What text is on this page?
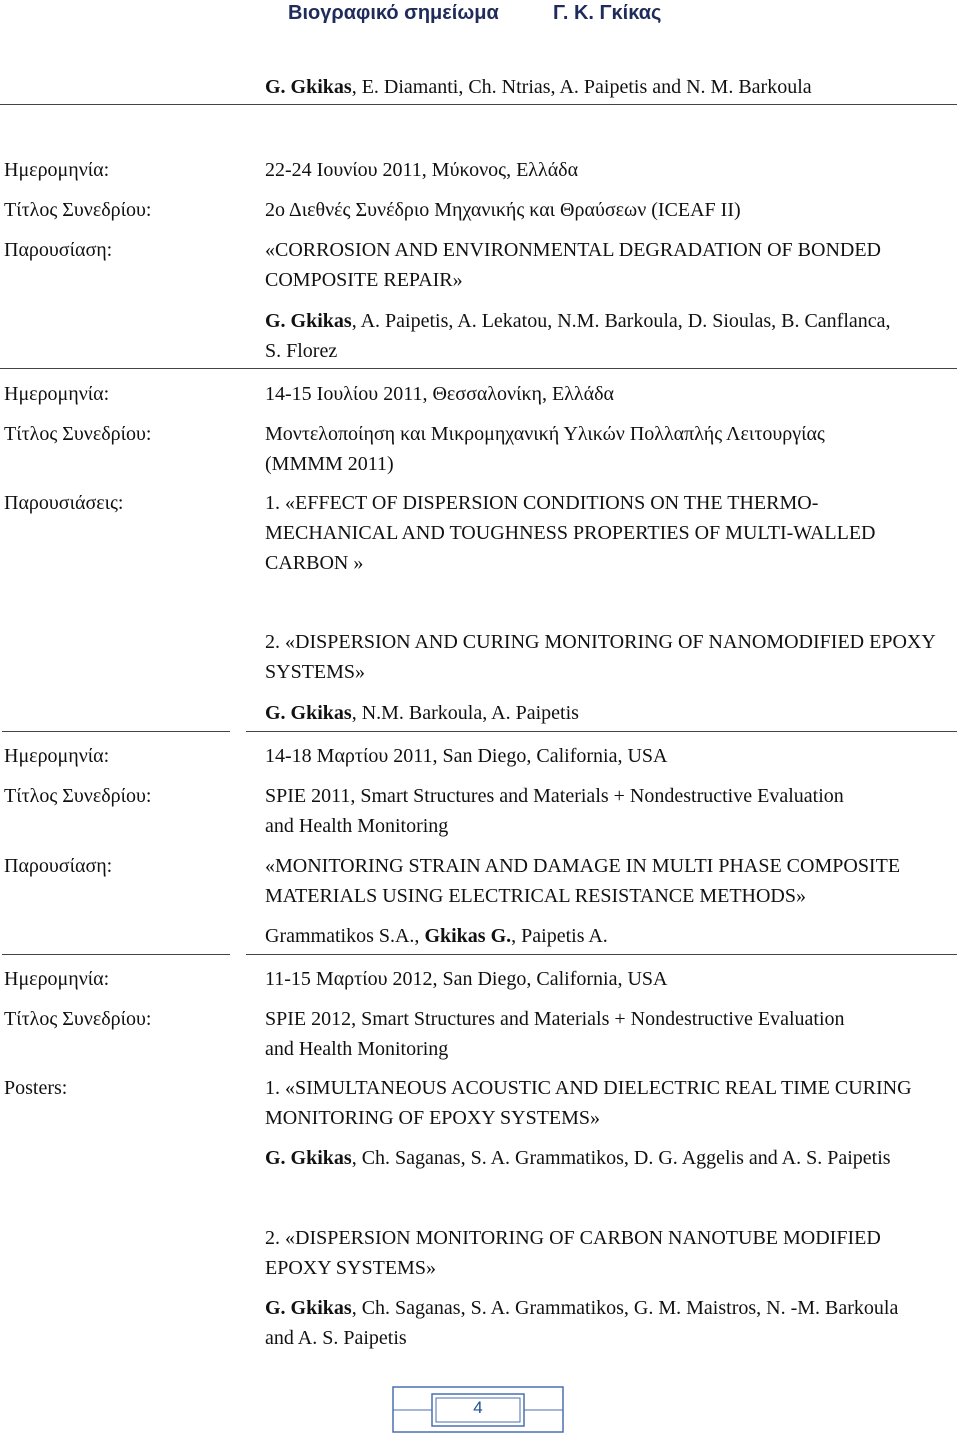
Βιογραφικό σημείωμα	Γ. Κ. Γκίκας
G. Gkikas, E. Diamanti, Ch. Ntrias, A. Paipetis and N. M. Barkoula
Ημερομηνία:	22-24 Ιουνίου 2011, Μύκονος, Ελλάδα
Τίτλος Συνεδρίου:	2ο Διεθνές Συνέδριο Μηχανικής και Θραύσεων (ICEAF II)
Παρουσίαση:	«CORROSION AND ENVIRONMENTAL DEGRADATION OF BONDED
COMPOSITE REPAIR»
G. Gkikas, A. Paipetis, A. Lekatou, N.M. Barkoula, D. Sioulas, B. Canflanca,
S. Florez
Ημερομηνία:	14-15 Ιουλίου 2011, Θεσσαλονίκη, Ελλάδα
Τίτλος Συνεδρίου:	Μοντελοποίηση και Μικρομηχανική Υλικών Πολλαπλής Λειτουργίας
(ΜΜΜΜ 2011)
Παρουσιάσεις:	1. «EFFECT OF DISPERSION CONDITIONS ON THE THERMO-
MECHANICAL AND TOUGHNESS PROPERTIES OF MULTI-WALLED
CARBON »
2. «DISPERSION AND CURING MONITORING OF NANOMODIFIED EPOXY
SYSTEMS»
G. Gkikas, N.M. Barkoula, A. Paipetis
Ημερομηνία:	14-18 Μαρτίου 2011, San Diego, California, USA
Τίτλος Συνεδρίου:	SPIE 2011, Smart Structures and Materials + Nondestructive Evaluation
and Health Monitoring
Παρουσίαση:	«MONITORING STRAIN AND DAMAGE IN MULTI PHASE COMPOSITE
MATERIALS USING ELECTRICAL RESISTANCE METHODS»
Grammatikos S.A., Gkikas G., Paipetis A.
Ημερομηνία:	11-15 Μαρτίου 2012, San Diego, California, USA
Τίτλος Συνεδρίου:	SPIE 2012, Smart Structures and Materials + Nondestructive Evaluation
and Health Monitoring
Posters:	1. «SIMULTANEOUS ACOUSTIC AND DIELECTRIC REAL TIME CURING
MONITORING OF EPOXY SYSTEMS»
G. Gkikas, Ch. Saganas, S. A. Grammatikos, D. G. Aggelis and A. S. Paipetis
2. «DISPERSION MONITORING OF CARBON NANOTUBE MODIFIED
EPOXY SYSTEMS»
G. Gkikas, Ch. Saganas, S. A. Grammatikos, G. M. Maistros, N. -M. Barkoula
and A. S. Paipetis
4
